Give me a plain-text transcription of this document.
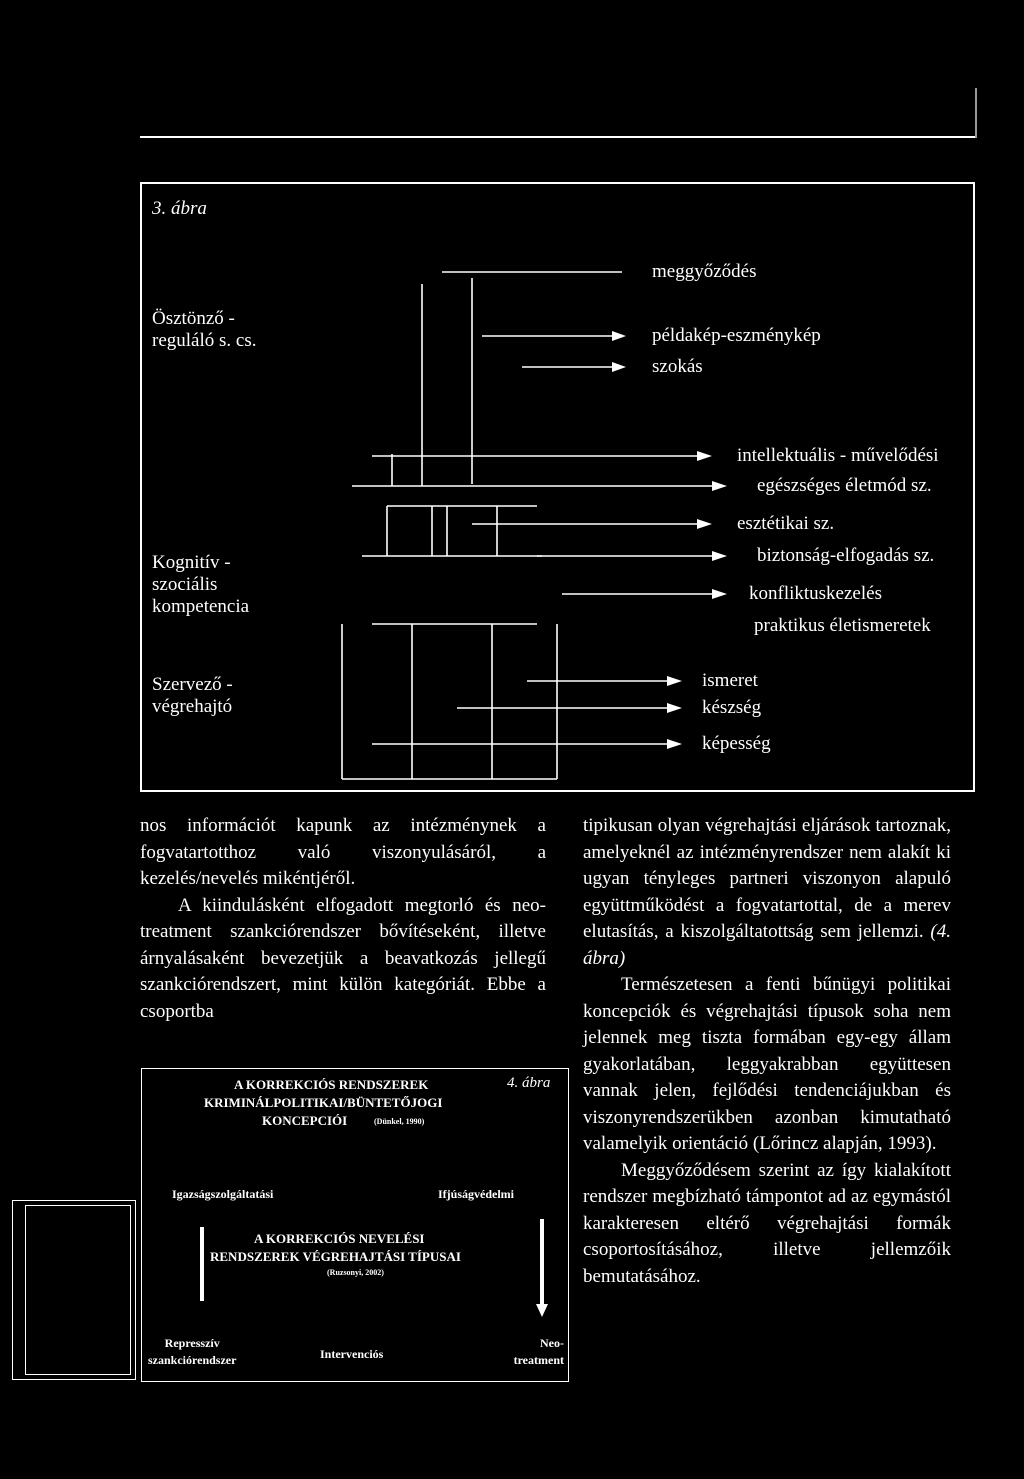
3. ábra
Ösztönző -
reguláló s. cs.
Kognitív -
szociális
kompetencia
Szervező -
végrehajtó
meggyőződés
példakép-eszménykép
szokás
intellektuális - művelődési
egészséges életmód sz.
esztétikai sz.
biztonság-elfogadás sz.
konfliktuskezelés
praktikus életismeretek
ismeret
készség
képesség

nos információt kapunk az intézménynek a fogvatartotthoz való viszonyulásáról, a kezelés/nevelés mikéntjéről.

A kiindulásként elfogadott megtorló és neo-treatment szankciórendszer bővítéseként, illetve árnyalásaként bevezetjük a beavatkozás jellegű szankciórendszert, mint külön kategóriát. Ebbe a csoportba

A KORREKCIÓS RENDSZEREK	4. ábra
KRIMINÁLPOLITIKAI/BÜNTETŐJOGI
KONCEPCIÓI	(Dünkel, 1990)
Igazságszolgáltatási	Ifjúságvédelmi
A KORREKCIÓS NEVELÉSI
RENDSZEREK VÉGREHAJTÁSI TÍPUSAI
(Ruzsonyi, 2002)
Represszív
szankciórendszer	Intervenciós
Neo-
treatment

tipikusan olyan végrehajtási eljárások tartoznak, amelyeknél az intézményrendszer nem alakít ki ugyan tényleges partneri viszonyon alapuló együttműködést a fogvatartottal, de a merev elutasítás, a kiszolgáltatottság sem jellemzi. (4. ábra)

Természetesen a fenti bűnügyi politikai koncepciók és végrehajtási típusok soha nem jelennek meg tiszta formában egy-egy állam gyakorlatában, leggyakrabban együttesen vannak jelen, fejlődési tendenciájukban és viszonyrendszerükben azonban kimutatható valamelyik orientáció (Lőrincz alapján, 1993).

Meggyőződésem szerint az így kialakított rendszer megbízható támpontot ad az egymástól karakteresen eltérő végrehajtási formák csoportosításához, illetve jellemzőik bemutatásához.
